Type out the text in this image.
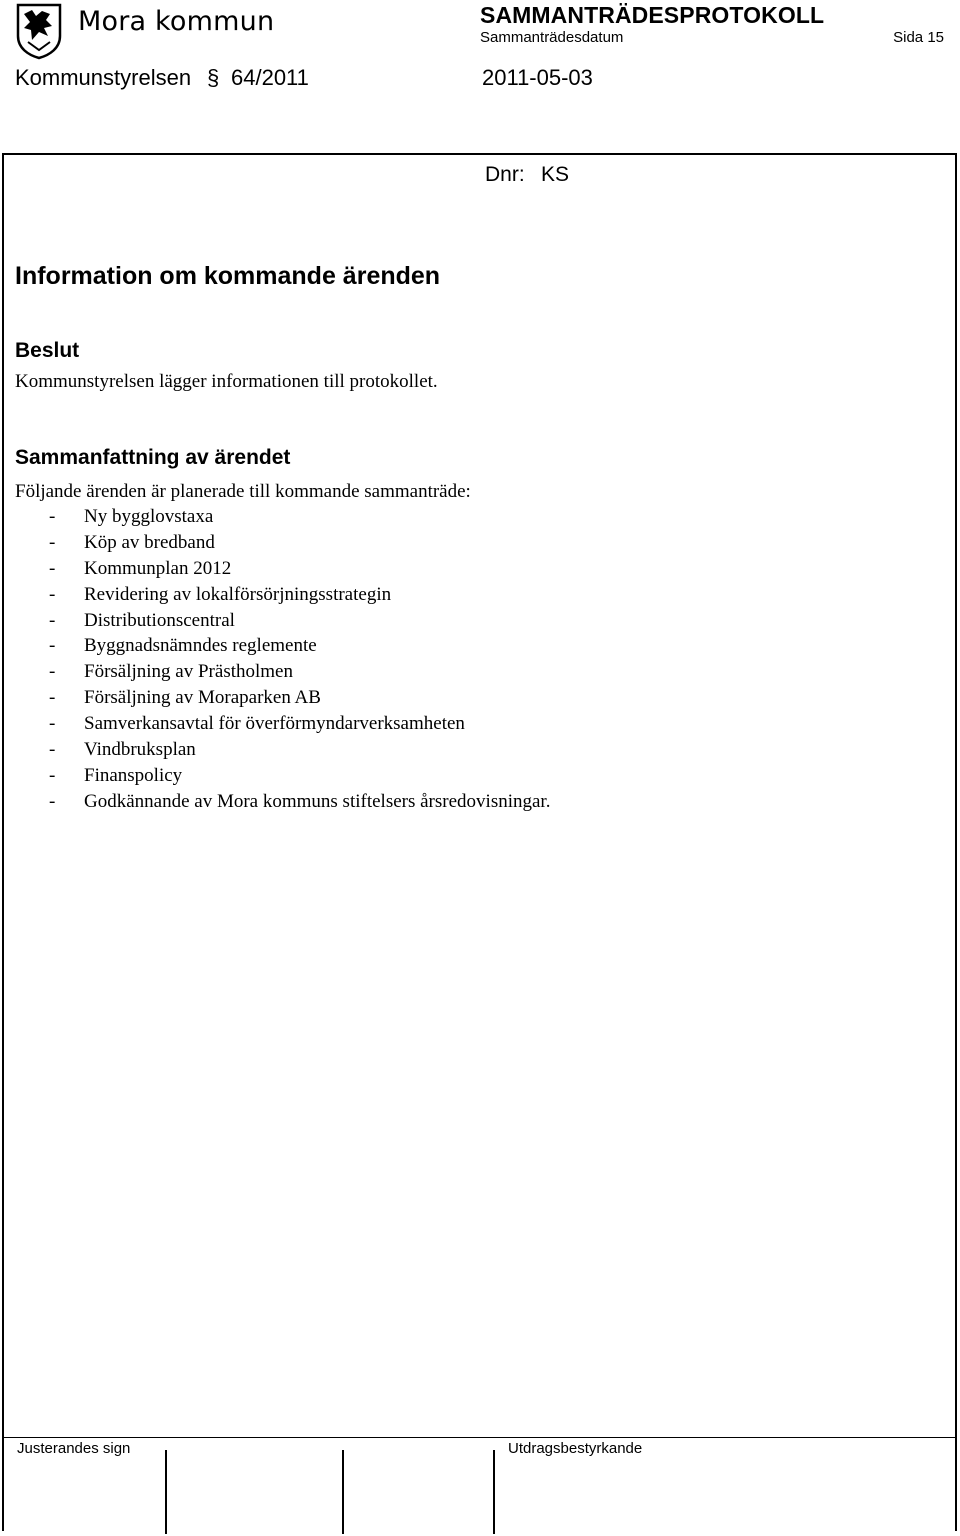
Mora kommun	SAMMANTRÄDESPROTOKOLL
Sammanträdesdatum	Sida 15
Kommunstyrelsen § 64/2011	2011-05-03
Dnr: KS
Information om kommande ärenden
Beslut
Kommunstyrelsen lägger informationen till protokollet.
Sammanfattning av ärendet
Följande ärenden är planerade till kommande sammanträde:
-	Ny bygglovstaxa
-	Köp av bredband
-	Kommunplan 2012
-	Revidering av lokalförsörjningsstrategin
-	Distributionscentral
-	Byggnadsnämndes reglemente
-	Försäljning av Prästholmen
-	Försäljning av Moraparken AB
-	Samverkansavtal för överförmyndarverksamheten
-	Vindbruksplan
-	Finanspolicy
-	Godkännande av Mora kommuns stiftelsers årsredovisningar.
Justerandes sign	Utdragsbestyrkande
